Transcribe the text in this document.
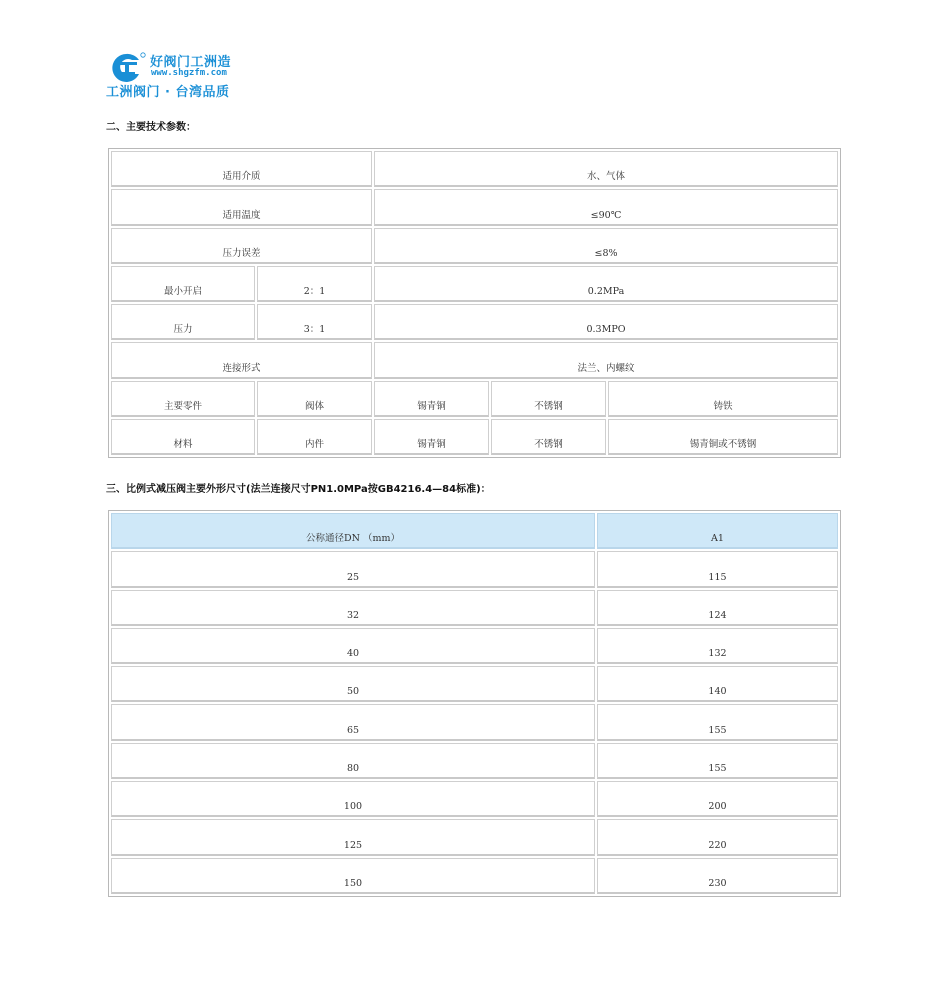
好阀门工洲造
www.shgzfm.com
工洲阀门 · 台湾品质
二、主要技术参数：
适用介质		水、气体		
适用温度		≤90℃		
压力误差		≤8%		
最小开启	2：1	0.2MPa		
压力	3：1	0.3MPO		
连接形式		法兰、内螺纹		
主要零件	阀体	锡青铜	不锈钢	铸铁
材料	内件	锡青铜	不锈钢	锡青铜或不锈钢
三、比例式减压阀主要外形尺寸(法兰连接尺寸PN1.0MPa按GB4216.4—84标准)：
公称通径DN （mm）	A1
25	115
32	124
40	132
50	140
65	155
80	155
100	200
125	220
150	230
